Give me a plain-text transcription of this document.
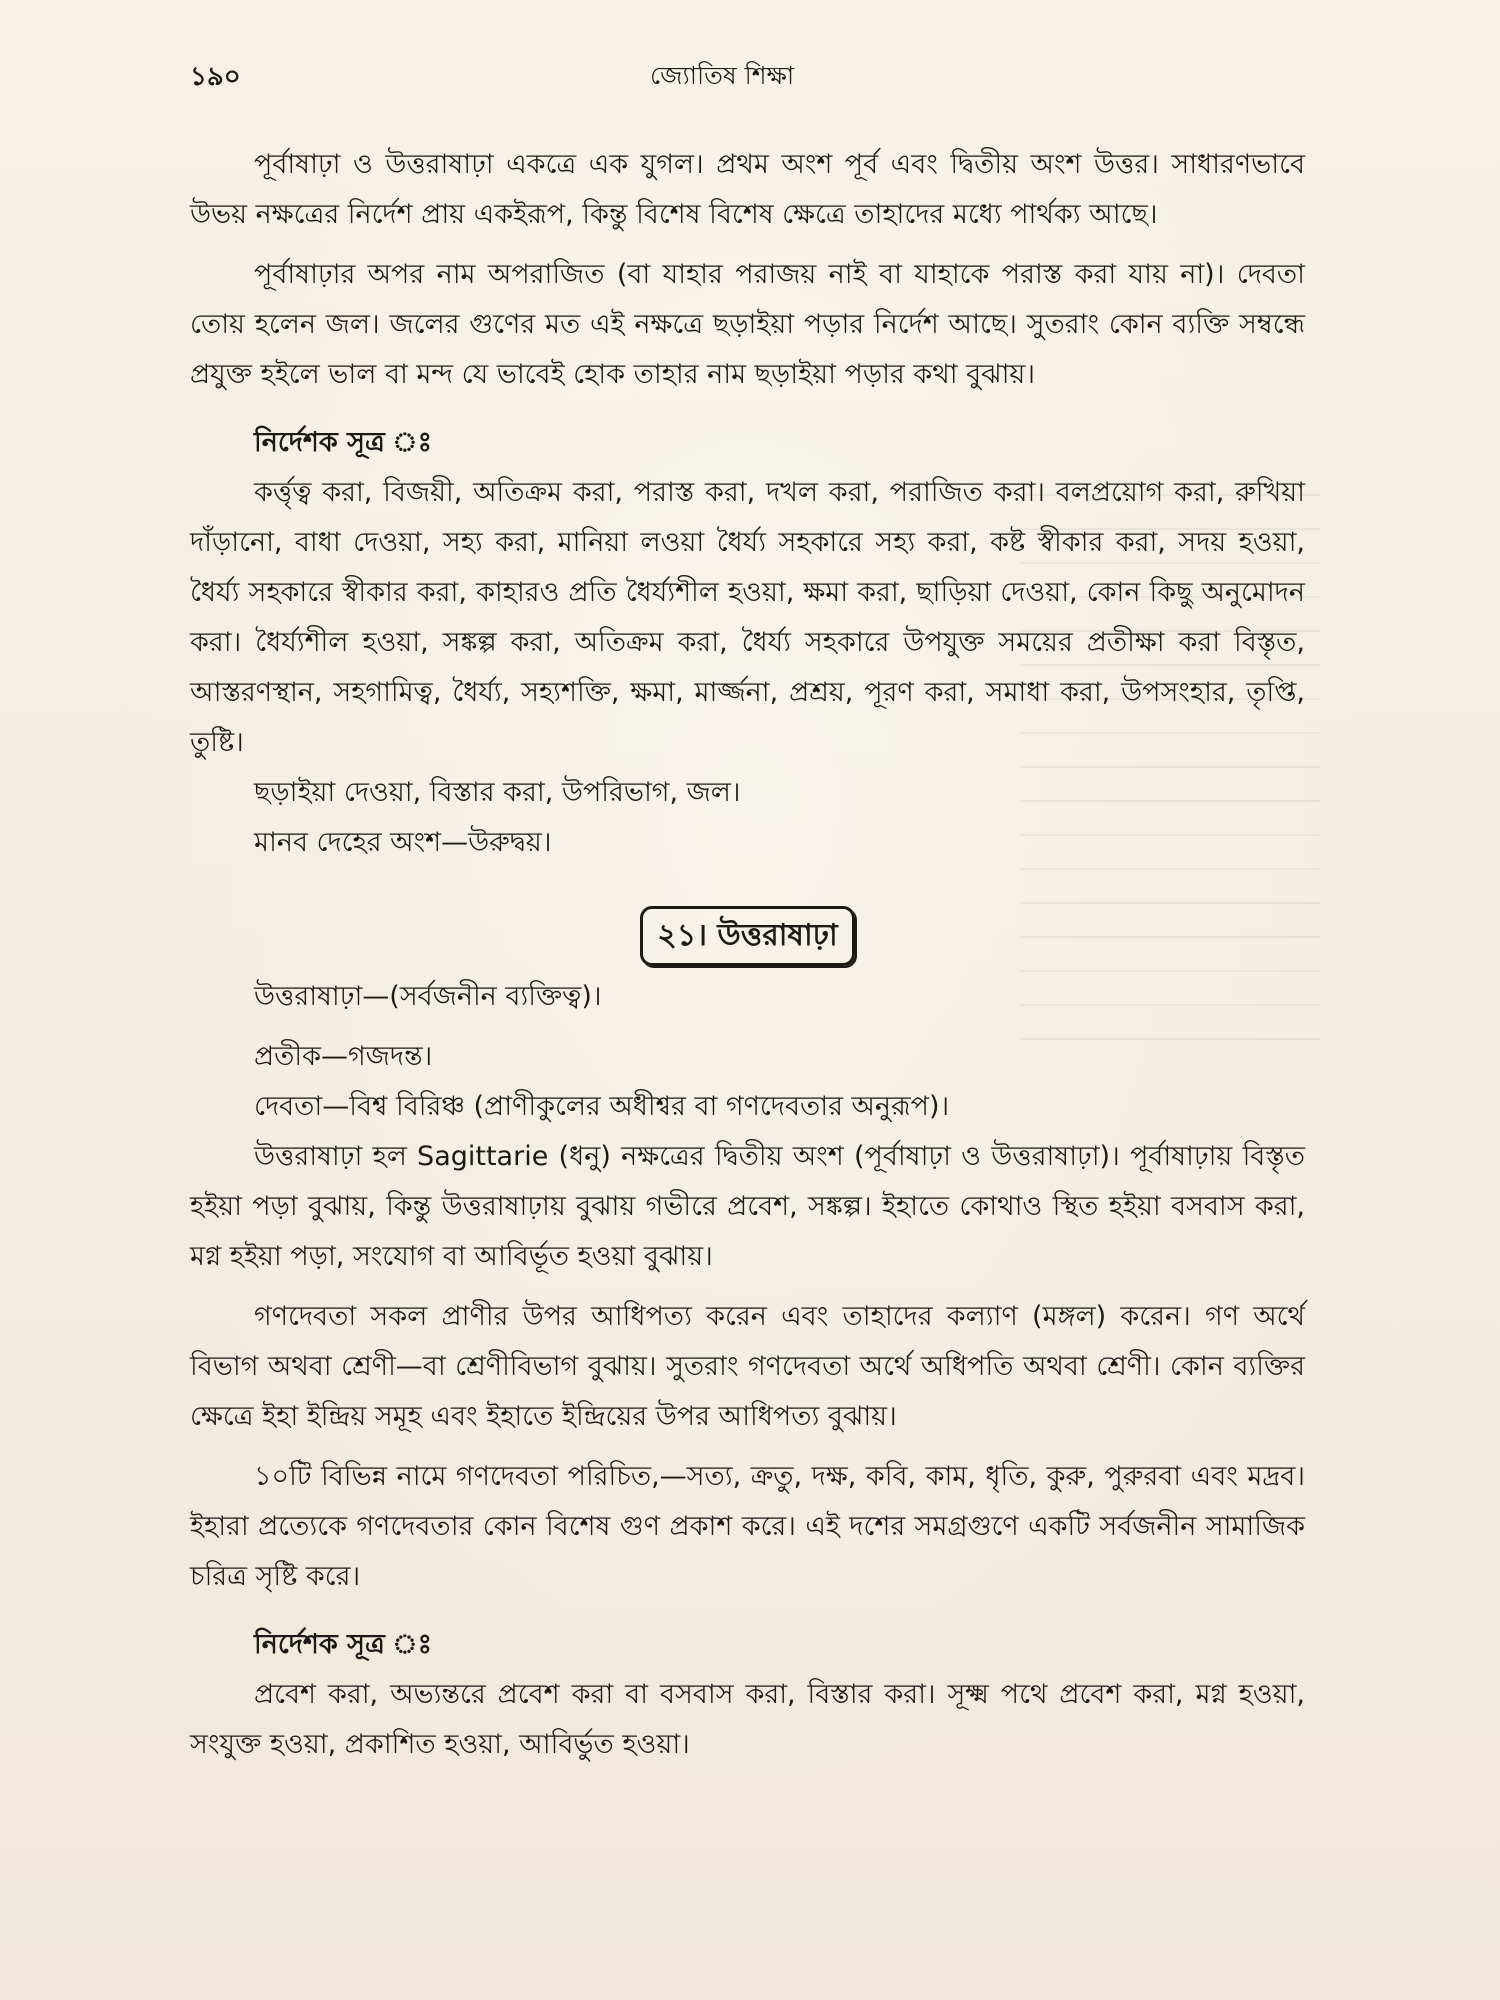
১৯০	জ্যোতিষ শিক্ষা

পূর্বাষাঢ়া ও উত্তরাষাঢ়া একত্রে এক যুগল। প্রথম অংশ পূর্ব এবং দ্বিতীয় অংশ উত্তর। সাধারণভাবে উভয় নক্ষত্রের নির্দেশ প্রায় একইরূপ, কিন্তু বিশেষ বিশেষ ক্ষেত্রে তাহাদের মধ্যে পার্থক্য আছে।

পূর্বাষাঢ়ার অপর নাম অপরাজিত (বা যাহার পরাজয় নাই বা যাহাকে পরাস্ত করা যায় না)। দেবতা তোয় হলেন জল। জলের গুণের মত এই নক্ষত্রে ছড়াইয়া পড়ার নির্দেশ আছে। সুতরাং কোন ব্যক্তি সম্বন্ধে প্রযুক্ত হইলে ভাল বা মন্দ যে ভাবেই হোক তাহার নাম ছড়াইয়া পড়ার কথা বুঝায়।

নির্দেশক সূত্র ঃ

কর্ত্তৃত্ব করা, বিজয়ী, অতিক্রম করা, পরাস্ত করা, দখল করা, পরাজিত করা। বলপ্রয়োগ করা, রুখিয়া দাঁড়ানো, বাধা দেওয়া, সহ্য করা, মানিয়া লওয়া ধৈর্য্য সহকারে সহ্য করা, কষ্ট স্বীকার করা, সদয় হওয়া, ধৈর্য্য সহকারে স্বীকার করা, কাহারও প্রতি ধৈর্য্যশীল হওয়া, ক্ষমা করা, ছাড়িয়া দেওয়া, কোন কিছু অনুমোদন করা। ধৈর্য্যশীল হওয়া, সঙ্কল্প করা, অতিক্রম করা, ধৈর্য্য সহকারে উপযুক্ত সময়ের প্রতীক্ষা করা বিস্তৃত, আস্তরণস্থান, সহগামিত্ব, ধৈর্য্য, সহ্যশক্তি, ক্ষমা, মার্জ্জনা, প্রশ্রয়, পূরণ করা, সমাধা করা, উপসংহার, তৃপ্তি, তুষ্টি।

ছড়াইয়া দেওয়া, বিস্তার করা, উপরিভাগ, জল।
মানব দেহের অংশ—উরুদ্বয়।
২১। উত্তরাষাঢ়া
উত্তরাষাঢ়া—(সর্বজনীন ব্যক্তিত্ব)।
প্রতীক—গজদন্ত।
দেবতা—বিশ্ব বিরিঞ্চ (প্রাণীকুলের অধীশ্বর বা গণদেবতার অনুরূপ)।

উত্তরাষাঢ়া হল Sagittarie (ধনু) নক্ষত্রের দ্বিতীয় অংশ (পূর্বাষাঢ়া ও উত্তরাষাঢ়া)। পূর্বাষাঢ়ায় বিস্তৃত হইয়া পড়া বুঝায়, কিন্তু উত্তরাষাঢ়ায় বুঝায় গভীরে প্রবেশ, সঙ্কল্প। ইহাতে কোথাও স্থিত হইয়া বসবাস করা, মগ্ন হইয়া পড়া, সংযোগ বা আবির্ভূত হওয়া বুঝায়।

গণদেবতা সকল প্রাণীর উপর আধিপত্য করেন এবং তাহাদের কল্যাণ (মঙ্গল) করেন। গণ অর্থে বিভাগ অথবা শ্রেণী—বা শ্রেণীবিভাগ বুঝায়। সুতরাং গণদেবতা অর্থে অধিপতি অথবা শ্রেণী। কোন ব্যক্তির ক্ষেত্রে ইহা ইন্দ্রিয় সমূহ এবং ইহাতে ইন্দ্রিয়ের উপর আধিপত্য বুঝায়।

১০টি বিভিন্ন নামে গণদেবতা পরিচিত,—সত্য, ক্রতু, দক্ষ, কবি, কাম, ধৃতি, কুরু, পুরুরবা এবং মদ্রব। ইহারা প্রত্যেকে গণদেবতার কোন বিশেষ গুণ প্রকাশ করে। এই দশের সমগ্রগুণে একটি সর্বজনীন সামাজিক চরিত্র সৃষ্টি করে।

নির্দেশক সূত্র ঃ

প্রবেশ করা, অভ্যন্তরে প্রবেশ করা বা বসবাস করা, বিস্তার করা। সূক্ষ্ম পথে প্রবেশ করা, মগ্ন হওয়া, সংযুক্ত হওয়া, প্রকাশিত হওয়া, আবির্ভুত হওয়া।
